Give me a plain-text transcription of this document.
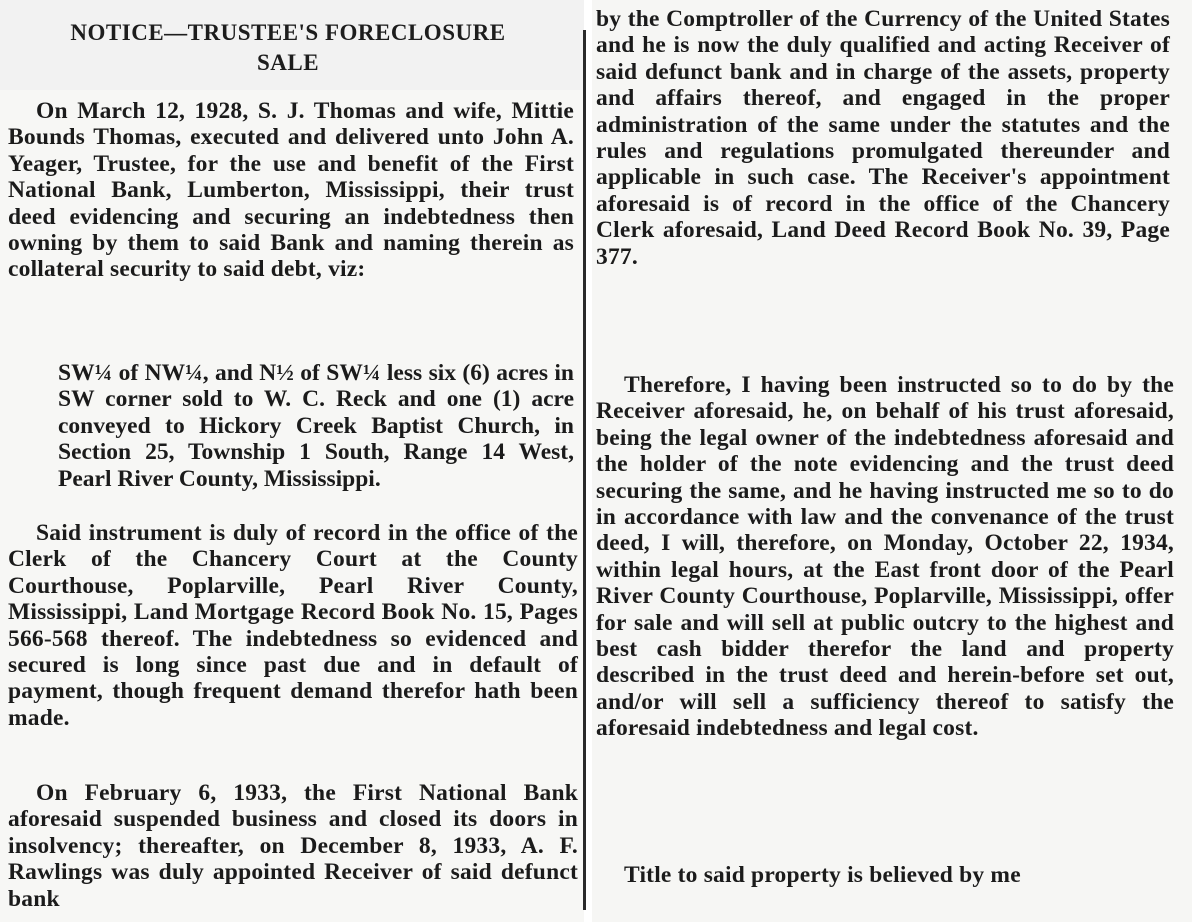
NOTICE—TRUSTEE'S FORECLOSURE
SALE

On March 12, 1928, S. J. Thomas and wife, Mittie Bounds Thomas, executed and delivered unto John A. Yeager, Trustee, for the use and benefit of the First National Bank, Lumberton, Mississippi, their trust deed evidencing and securing an indebtedness then owning by them to said Bank and naming therein as collateral security to said debt, viz:

SW¼ of NW¼, and N½ of SW¼ less six (6) acres in SW corner sold to W. C. Reck and one (1) acre conveyed to Hickory Creek Baptist Church, in Section 25, Township 1 South, Range 14 West, Pearl River County, Mississippi.

Said instrument is duly of record in the office of the Clerk of the Chancery Court at the County Courthouse, Poplarville, Pearl River County, Mississippi, Land Mortgage Record Book No. 15, Pages 566-568 thereof. The indebtedness so evidenced and secured is long since past due and in default of payment, though frequent demand therefor hath been made.

On February 6, 1933, the First National Bank aforesaid suspended business and closed its doors in insolvency; thereafter, on December 8, 1933, A. F. Rawlings was duly appointed Receiver of said defunct bank

by the Comptroller of the Currency of the United States and he is now the duly qualified and acting Receiver of said defunct bank and in charge of the assets, property and affairs thereof, and engaged in the proper administration of the same under the statutes and the rules and regulations promulgated thereunder and applicable in such case. The Receiver's appointment aforesaid is of record in the office of the Chancery Clerk aforesaid, Land Deed Record Book No. 39, Page 377.

Therefore, I having been instructed so to do by the Receiver aforesaid, he, on behalf of his trust aforesaid, being the legal owner of the indebtedness aforesaid and the holder of the note evidencing and the trust deed securing the same, and he having instructed me so to do in accordance with law and the convenance of the trust deed, I will, therefore, on Monday, October 22, 1934, within legal hours, at the East front door of the Pearl River County Courthouse, Poplarville, Mississippi, offer for sale and will sell at public outcry to the highest and best cash bidder therefor the land and property described in the trust deed and herein-before set out, and/or will sell a sufficiency thereof to satisfy the aforesaid indebtedness and legal cost.

Title to said property is believed by me
